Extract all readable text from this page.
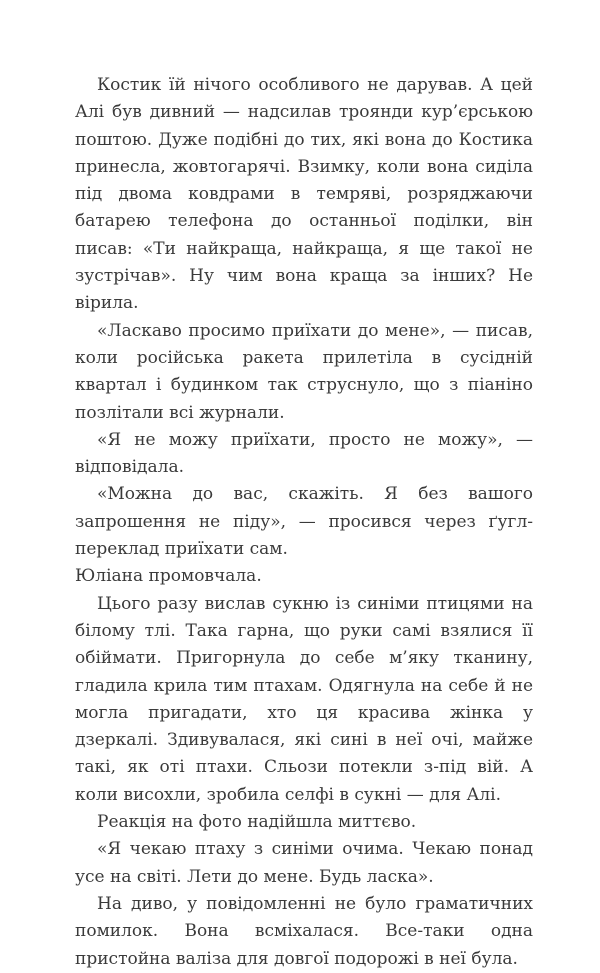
Костик їй нічого особливого не дарував. А цей Алі був дивний — надсилав троянди кур’єрською поштою. Дуже подібні до тих, які вона до Костика принесла, жовтогарячі. Взимку, коли вона сиділа під двома ковдрами в темряві, розряджаючи батарею телефона до останньої поділки, він писав: «Ти найкраща, найкраща, я ще такої не зустрічав». Ну чим вона краща за інших? Не вірила.

«Ласкаво просимо приїхати до мене», — писав, коли російська ракета прилетіла в сусідній квартал і будинком так струснуло, що з піаніно позлітали всі журнали.

«Я не можу приїхати, просто не можу», — відповідала.

«Можна до вас, скажіть. Я без вашого запрошення не піду», — просився через ґугл-переклад приїхати сам.

Юліана промовчала.

Цього разу вислав сукню із синіми птицями на білому тлі. Така гарна, що руки самі взялися її обіймати. Пригорнула до себе м’яку тканину, гладила крила тим птахам. Одягнула на себе й не могла пригадати, хто ця красива жінка у дзеркалі. Здивувалася, які сині в неї очі, майже такі, як оті птахи. Сльози потекли з-під вій. А коли висохли, зробила селфі в сукні — для Алі.

Реакція на фото надійшла миттєво.

«Я чекаю птаху з синіми очима. Чекаю понад усе на світі. Лети до мене. Будь ласка».

На диво, у повідомленні не було граматичних помилок. Вона всміхалася. Все-таки одна пристойна валіза для довгої подорожі в неї була.
